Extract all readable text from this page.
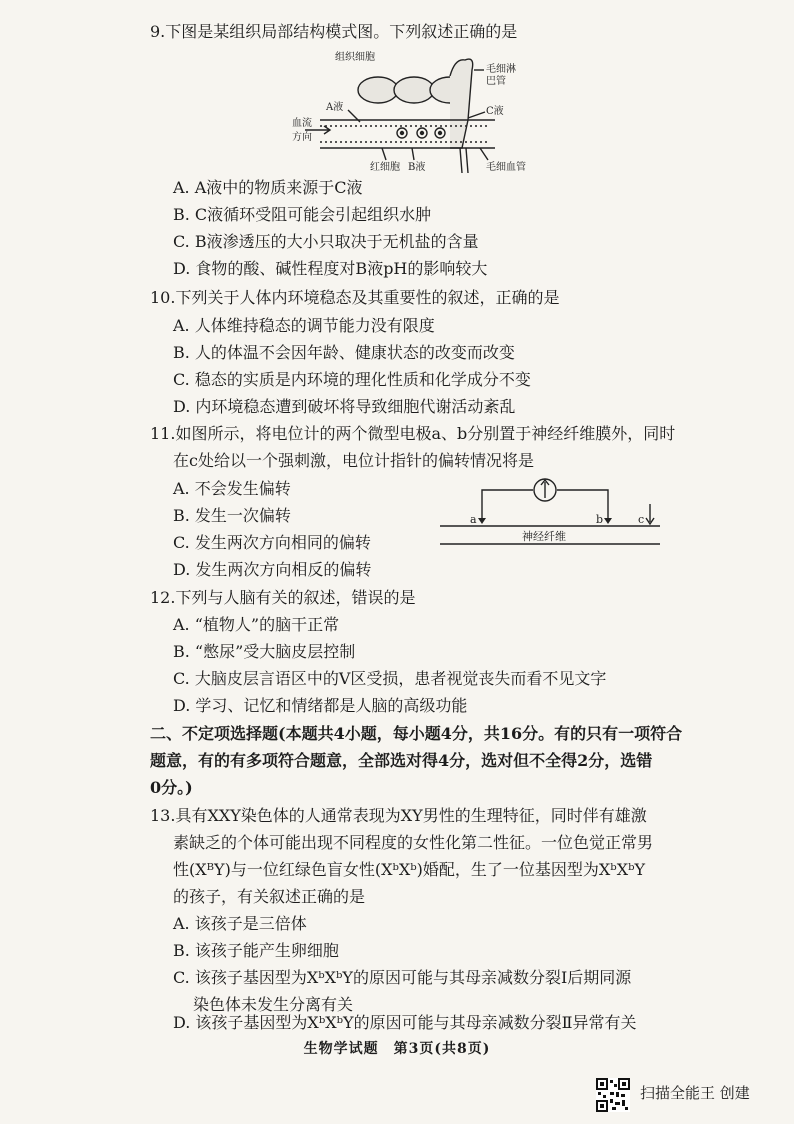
9.下图是某组织局部结构模式图。下列叙述正确的是
组织细胞
毛细淋
巴管
A液	C液
血流
方向
红细胞 B液	毛细血管
A. A液中的物质来源于C液
B. C液循环受阻可能会引起组织水肿
C. B液渗透压的大小只取决于无机盐的含量
D. 食物的酸、碱性程度对B液pH的影响较大
10.下列关于人体内环境稳态及其重要性的叙述，正确的是
A. 人体维持稳态的调节能力没有限度
B. 人的体温不会因年龄、健康状态的改变而改变
C. 稳态的实质是内环境的理化性质和化学成分不变
D. 内环境稳态遭到破坏将导致细胞代谢活动紊乱
11.如图所示，将电位计的两个微型电极a、b分别置于神经纤维膜外，同时
在c处给以一个强刺激，电位计指针的偏转情况将是
A. 不会发生偏转
B. 发生一次偏转
C. 发生两次方向相同的偏转
D. 发生两次方向相反的偏转
a	b	c
神经纤维
12.下列与人脑有关的叙述，错误的是
A. “植物人”的脑干正常
B. “憋尿”受大脑皮层控制
C. 大脑皮层言语区中的V区受损，患者视觉丧失而看不见文字
D. 学习、记忆和情绪都是人脑的高级功能
二、不定项选择题(本题共4小题，每小题4分，共16分。有的只有一项符合
题意，有的有多项符合题意，全部选对得4分，选对但不全得2分，选错
0分。)
13.具有XXY染色体的人通常表现为XY男性的生理特征，同时伴有雄激
素缺乏的个体可能出现不同程度的女性化第二性征。一位色觉正常男
性(XᴮY)与一位红绿色盲女性(XᵇXᵇ)婚配，生了一位基因型为XᵇXᵇY
的孩子，有关叙述正确的是
A. 该孩子是三倍体
B. 该孩子能产生卵细胞
C. 该孩子基因型为XᵇXᵇY的原因可能与其母亲减数分裂Ⅰ后期同源
染色体未发生分离有关
D. 该孩子基因型为XᵇXᵇY的原因可能与其母亲减数分裂Ⅱ异常有关
生物学试题　第3页(共8页)
扫描全能王 创建
